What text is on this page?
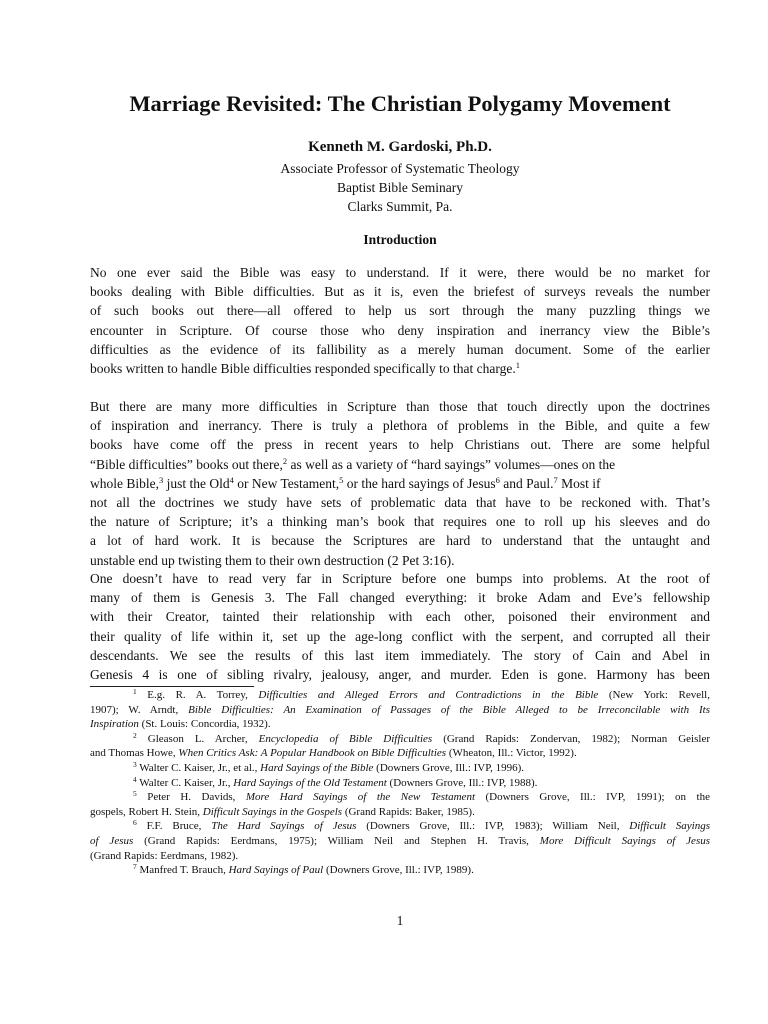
Marriage Revisited: The Christian Polygamy Movement
Kenneth M. Gardoski, Ph.D.
Associate Professor of Systematic Theology
Baptist Bible Seminary
Clarks Summit, Pa.
Introduction
No one ever said the Bible was easy to understand. If it were, there would be no market for
books dealing with Bible difficulties. But as it is, even the briefest of surveys reveals the number
of such books out there—all offered to help us sort through the many puzzling things we
encounter in Scripture. Of course those who deny inspiration and inerrancy view the Bible’s
difficulties as the evidence of its fallibility as a merely human document. Some of the earlier
books written to handle Bible difficulties responded specifically to that charge.$^1$
But there are many more difficulties in Scripture than those that touch directly upon the doctrines
of inspiration and inerrancy. There is truly a plethora of problems in the Bible, and quite a few
books have come off the press in recent years to help Christians out. There are some helpful
“Bible difficulties” books out there,$^2$ as well as a variety of “hard sayings” volumes—ones on the
whole Bible,$^3$ just the Old$^4$ or New Testament,$^5$ or the hard sayings of Jesus$^6$ and Paul.$^7$ Most if
not all the doctrines we study have sets of problematic data that have to be reckoned with. That’s
the nature of Scripture; it’s a thinking man’s book that requires one to roll up his sleeves and do
a lot of hard work. It is because the Scriptures are hard to understand that the untaught and
unstable end up twisting them to their own destruction (2 Pet 3:16).
One doesn’t have to read very far in Scripture before one bumps into problems. At the root of
many of them is Genesis 3. The Fall changed everything: it broke Adam and Eve’s fellowship
with their Creator, tainted their relationship with each other, poisoned their environment and
their quality of life within it, set up the age-long conflict with the serpent, and corrupted all their
descendants. We see the results of this last item immediately. The story of Cain and Abel in
Genesis 4 is one of sibling rivalry, jealousy, anger, and murder. Eden is gone. Harmony has been
$^1$ E.g. R. A. Torrey, Difficulties and Alleged Errors and Contradictions in the Bible (New York: Revell,
1907); W. Arndt, Bible Difficulties: An Examination of Passages of the Bible Alleged to be Irreconcilable with Its
Inspiration (St. Louis: Concordia, 1932).
$^2$ Gleason L. Archer, Encyclopedia of Bible Difficulties (Grand Rapids: Zondervan, 1982); Norman Geisler
and Thomas Howe, When Critics Ask: A Popular Handbook on Bible Difficulties (Wheaton, Ill.: Victor, 1992).
$^3$ Walter C. Kaiser, Jr., et al., Hard Sayings of the Bible (Downers Grove, Ill.: IVP, 1996).
$^4$ Walter C. Kaiser, Jr., Hard Sayings of the Old Testament (Downers Grove, Ill.: IVP, 1988).
$^5$ Peter H. Davids, More Hard Sayings of the New Testament (Downers Grove, Ill.: IVP, 1991); on the
gospels, Robert H. Stein, Difficult Sayings in the Gospels (Grand Rapids: Baker, 1985).
$^6$ F.F. Bruce, The Hard Sayings of Jesus (Downers Grove, Ill.: IVP, 1983); William Neil, Difficult Sayings
of Jesus (Grand Rapids: Eerdmans, 1975); William Neil and Stephen H. Travis, More Difficult Sayings of Jesus
(Grand Rapids: Eerdmans, 1982).
$^7$ Manfred T. Brauch, Hard Sayings of Paul (Downers Grove, Ill.: IVP, 1989).
1
